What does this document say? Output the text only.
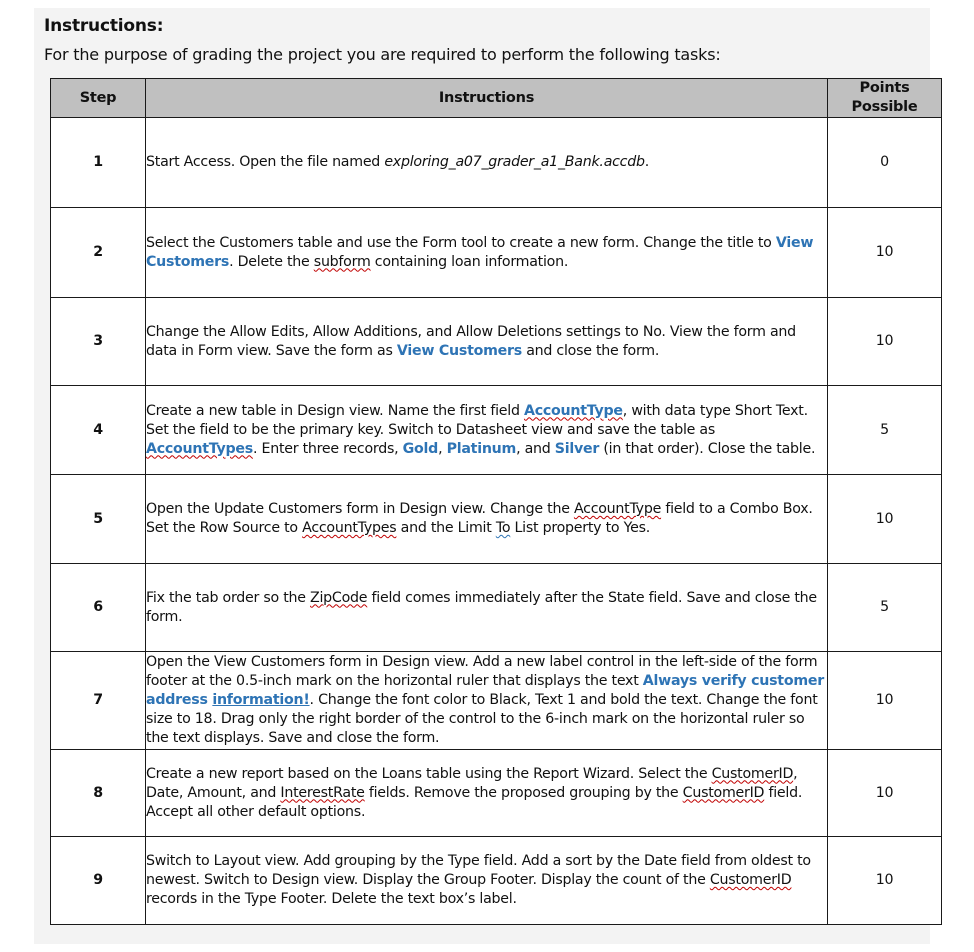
Instructions:
For the purpose of grading the project you are required to perform the following tasks:
Step	Instructions	Points Possible
1	Start Access. Open the file named exploring_a07_grader_a1_Bank.accdb.	0
2	Select the Customers table and use the Form tool to create a new form. Change the title to View Customers. Delete the subform containing loan information.	10
3	Change the Allow Edits, Allow Additions, and Allow Deletions settings to No. View the form and data in Form view. Save the form as View Customers and close the form.	10
4	Create a new table in Design view. Name the first field AccountType, with data type Short Text. Set the field to be the primary key. Switch to Datasheet view and save the table as AccountTypes. Enter three records, Gold, Platinum, and Silver (in that order). Close the table.	5
5	Open the Update Customers form in Design view. Change the AccountType field to a Combo Box. Set the Row Source to AccountTypes and the Limit To List property to Yes.	10
6	Fix the tab order so the ZipCode field comes immediately after the State field. Save and close the form.	5
7	Open the View Customers form in Design view. Add a new label control in the left-side of the form footer at the 0.5-inch mark on the horizontal ruler that displays the text Always verify customer address information!. Change the font color to Black, Text 1 and bold the text. Change the font size to 18. Drag only the right border of the control to the 6-inch mark on the horizontal ruler so the text displays. Save and close the form.	10
8	Create a new report based on the Loans table using the Report Wizard. Select the CustomerID, Date, Amount, and InterestRate fields. Remove the proposed grouping by the CustomerID field. Accept all other default options.	10
9	Switch to Layout view. Add grouping by the Type field. Add a sort by the Date field from oldest to newest. Switch to Design view. Display the Group Footer. Display the count of the CustomerID records in the Type Footer. Delete the text box’s label.	10
